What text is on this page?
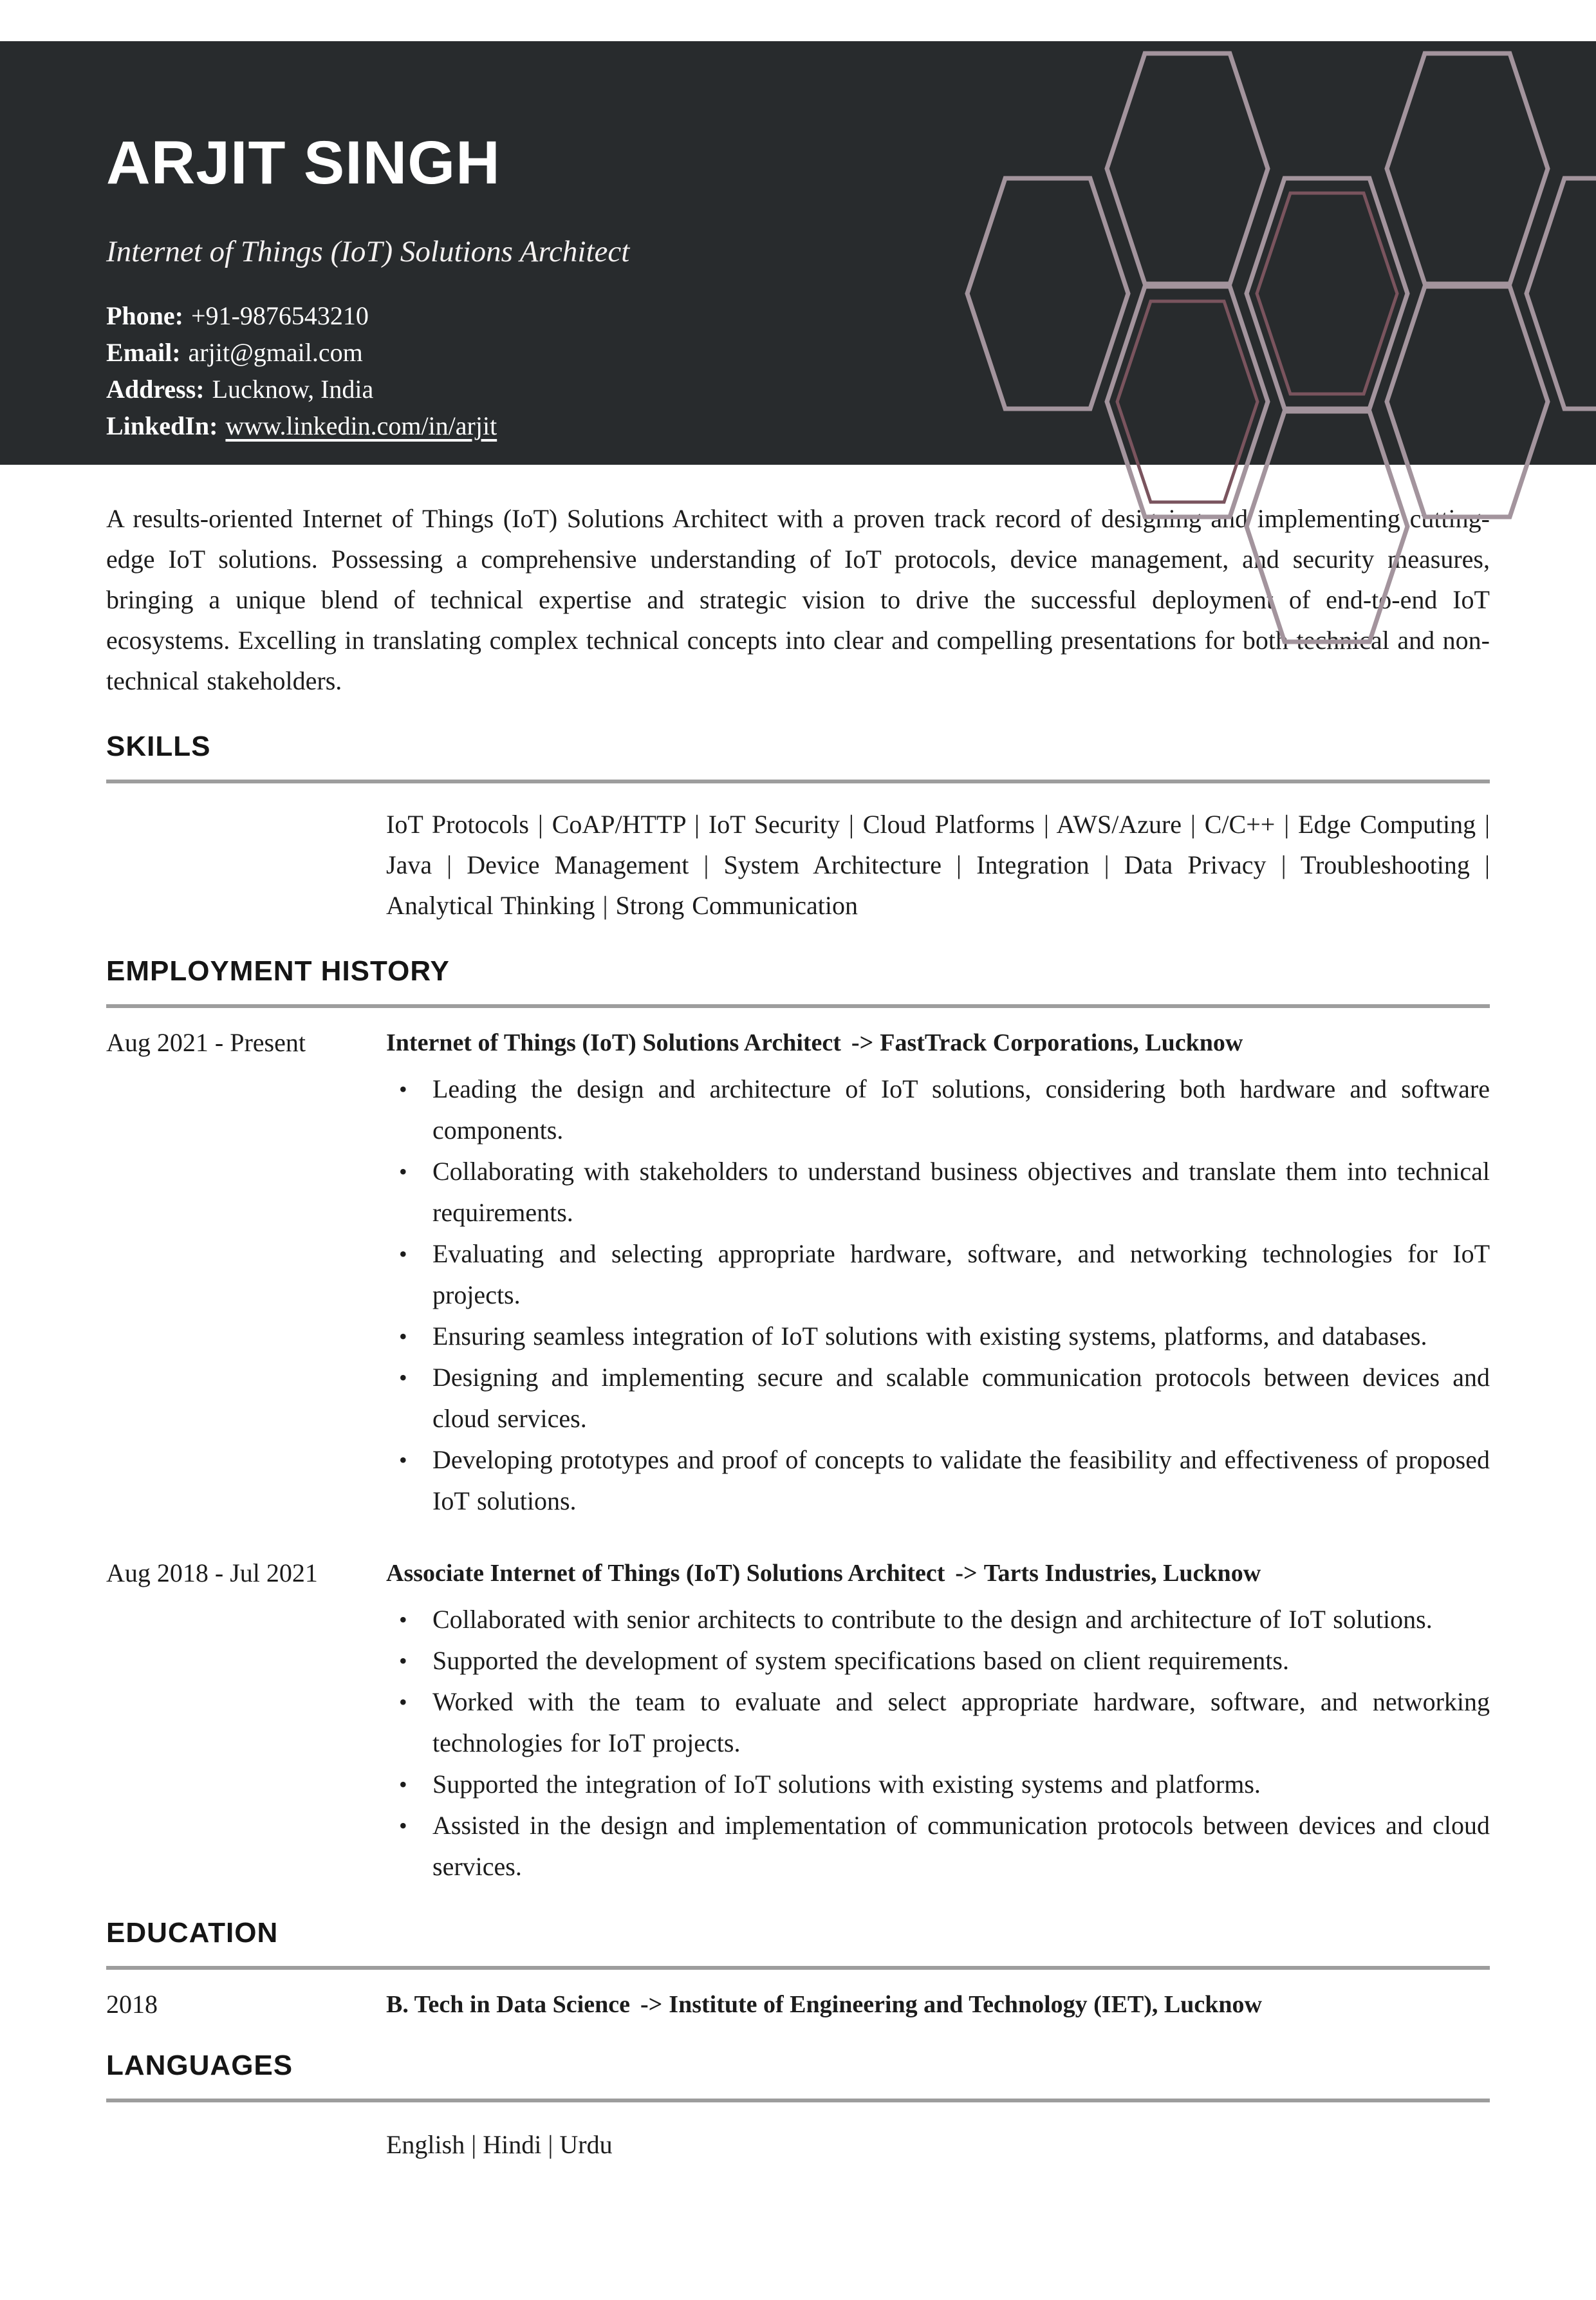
ARJIT SINGH
Internet of Things (IoT) Solutions Architect
Phone: +91-9876543210
Email: arjit@gmail.com
Address: Lucknow, India
LinkedIn: www.linkedin.com/in/arjit

A results-oriented Internet of Things (IoT) Solutions Architect with a proven track record of designing and implementing cutting-edge IoT solutions. Possessing a comprehensive understanding of IoT protocols, device management, and security measures, bringing a unique blend of technical expertise and strategic vision to drive the successful deployment of end-to-end IoT ecosystems. Excelling in translating complex technical concepts into clear and compelling presentations for both technical and non-technical stakeholders.

SKILLS
IoT Protocols | CoAP/HTTP | IoT Security | Cloud Platforms | AWS/Azure | C/C++ | Edge Computing | Java | Device Management | System Architecture | Integration | Data Privacy | Troubleshooting | Analytical Thinking | Strong Communication
EMPLOYMENT HISTORY
Aug 2021 - Present	Internet of Things (IoT) Solutions Architect -> FastTrack Corporations, Lucknow
• Leading the design and architecture of IoT solutions, considering both hardware and software components.
• Collaborating with stakeholders to understand business objectives and translate them into technical requirements.
• Evaluating and selecting appropriate hardware, software, and networking technologies for IoT projects.
• Ensuring seamless integration of IoT solutions with existing systems, platforms, and databases.
• Designing and implementing secure and scalable communication protocols between devices and cloud services.
• Developing prototypes and proof of concepts to validate the feasibility and effectiveness of proposed IoT solutions.
Aug 2018 - Jul 2021	Associate Internet of Things (IoT) Solutions Architect -> Tarts Industries, Lucknow
• Collaborated with senior architects to contribute to the design and architecture of IoT solutions.
• Supported the development of system specifications based on client requirements.
• Worked with the team to evaluate and select appropriate hardware, software, and networking technologies for IoT projects.
• Supported the integration of IoT solutions with existing systems and platforms.
• Assisted in the design and implementation of communication protocols between devices and cloud services.
EDUCATION
2018	B. Tech in Data Science -> Institute of Engineering and Technology (IET), Lucknow
LANGUAGES
English | Hindi | Urdu
